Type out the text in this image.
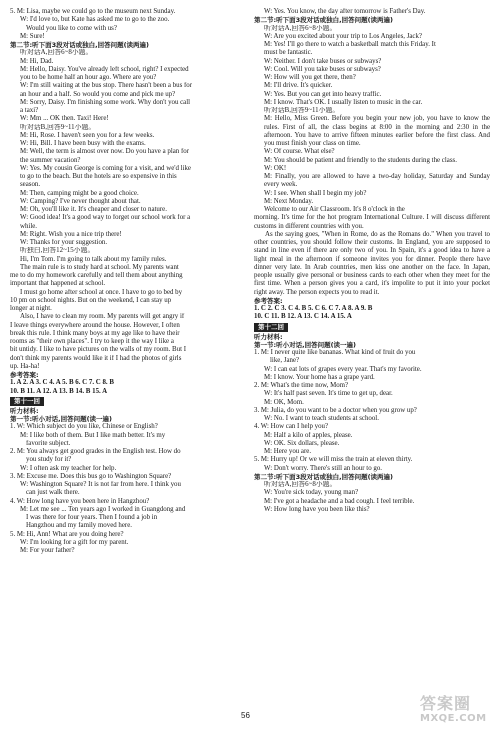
5. M: Lisa, maybe we could go to the museum next Sunday.
W: I'd love to, but Kate has asked me to go to the zoo.
Would you like to come with us?
M: Sure!
第二节:听下面3段对话或独白,回答问题(读两遍)
听对话A,回答6~8小题。
M: Hi, Dad.
M: Hello, Daisy. You've already left school, right? I expected
you to be home half an hour ago. Where are you?
W: I'm still waiting at the bus stop. There hasn't been a bus for
an hour and a half. So would you come and pick me up?
M: Sorry, Daisy. I'm finishing some work. Why don't you call
a taxi?
W: Mm ... OK then. Taxi! Here!
听对话B,回答9~11小题。
M: Hi, Rose. I haven't seen you for a few weeks.
W: Hi, Bill. I have been busy with the exams.
M: Well, the term is almost over now. Do you have a plan for
the summer vacation?
W: Yes. My cousin George is coming for a visit, and we'd like
to go to the beach. But the hotels are so expensive in this
season.
M: Then, camping might be a good choice.
W: Camping? I've never thought about that.
M: Oh, you'll like it. It's cheaper and closer to nature.
W: Good idea! It's a good way to forget our school work for a
while.
M: Right. Wish you a nice trip there!
W: Thanks for your suggestion.
听独白,回答12~15小题。
Hi, I'm Tom. I'm going to talk about my family rules.
The main rule is to study hard at school. My parents want
me to do my homework carefully and tell them about anything
important that happened at school.
I must go home after school at once. I have to go to bed by
10 pm on school nights. But on the weekend, I can stay up
longer at night.
Also, I have to clean my room. My parents will get angry if
I leave things everywhere around the house. However, I often
break this rule. I think many boys at my age like to have their
rooms as "their own places". I try to keep it the way I like a
bit untidy. I like to have pictures on the walls of my room. But I
don't think my parents would like it if I had the photos of girls
up. Ha-ha!
参考答案:
1. A 2. A 3. C 4. A 5. B 6. C 7. C 8. B
10. B 11. A 12. A 13. B 14. B 15. A
第十一回
听力材料:
第一节:听小对话,回答问题(读一遍)
1. W: Which subject do you like, Chinese or English?
M: I like both of them. But I like math better. It's my
favorite subject.
2. M: You always get good grades in the English test. How do
you study for it?
W: I often ask my teacher for help.
3. M: Excuse me. Does this bus go to Washington Square?
W: Washington Square? It is not far from here. I think you
can just walk there.
4. W: How long have you been here in Hangzhou?
M: Let me see ... Ten years ago I worked in Guangdong and
I was there for four years. Then I found a job in
Hangzhou and my family moved here.
5. M: Hi, Ann! What are you doing here?
W: I'm looking for a gift for my parent.
M: For your father?
W: Yes. You know, the day after tomorrow is Father's Day.
第二节:听下面3段对话或独白,回答问题(读两遍)
听对话A,回答6~8小题。
W: Are you excited about your trip to Los Angeles, Jack?
M: Yes! I'll go there to watch a basketball match this Friday. It
must be fantastic.
W: Neither. I don't take buses or subways?
W: Cool. Will you take buses or subways?
W: How will you get there, then?
M: I'll drive. It's quicker.
W: Yes. But you can get into heavy traffic.
M: I know. That's OK. I usually listen to music in the car.
听对话B,回答9~11小题。
M: Hello, Miss Green. Before you begin your new job, you have to know the rules. First of all, the class begins at 8:00 in the morning and 2:30 in the afternoon. You have to arrive fifteen minutes earlier before the first class. And you must finish your class on time.
W: Of course. What else?
M: You should be patient and friendly to the students during the class.
W: OK!
M: Finally, you are allowed to have a two-day holiday, Saturday and Sunday every week.
W: I see. When shall I begin my job?
M: Next Monday.
Welcome to our Air Classroom. It's 8 o'clock in the
morning. It's time for the hot program International Culture. I will discuss different customs in different countries with you.
As the saying goes, "When in Rome, do as the Romans do." When you travel to other countries, you should follow their customs. In England, you are supposed to stand in line even if there are only two of you. In Spain, it's a good idea to have a light meal in the afternoon if someone invites you for dinner. People there have dinner very late. In Arab countries, men kiss one another on the face. In Japan, people usually give personal or business cards to each other when they meet for the first time. When a person gives you a card, it's impolite to put it into your pocket right away. The person expects you to read it.
参考答案:
1. C 2. C 3. C 4. B 5. C 6. C 7. A 8. A 9. B
10. C 11. B 12. A 13. C 14. A 15. A
第十二回
听力材料:
第一节:听小对话,回答问题(读一遍)
1. M: I never quite like bananas. What kind of fruit do you
like, Jane?
W: I can eat lots of grapes every year. That's my favorite.
M: I know. Your home has a grape yard.
2. M: What's the time now, Mom?
W: It's half past seven. It's time to get up, dear.
M: OK, Mom.
3. M: Julia, do you want to be a doctor when you grow up?
W: No. I want to teach students at school.
4. W: How can I help you?
M: Half a kilo of apples, please.
W: OK. Six dollars, please.
M: Here you are.
5. M: Hurry up! Or we will miss the train at eleven thirty.
W: Don't worry. There's still an hour to go.
第二节:听下面3段对话或独白,回答问题(读两遍)
听对话A,回答6~8小题。
W: You're sick today, young man?
M: I've got a headache and a bad cough. I feel terrible.
W: How long have you been like this?
56
答案圈
MXQE.COM
